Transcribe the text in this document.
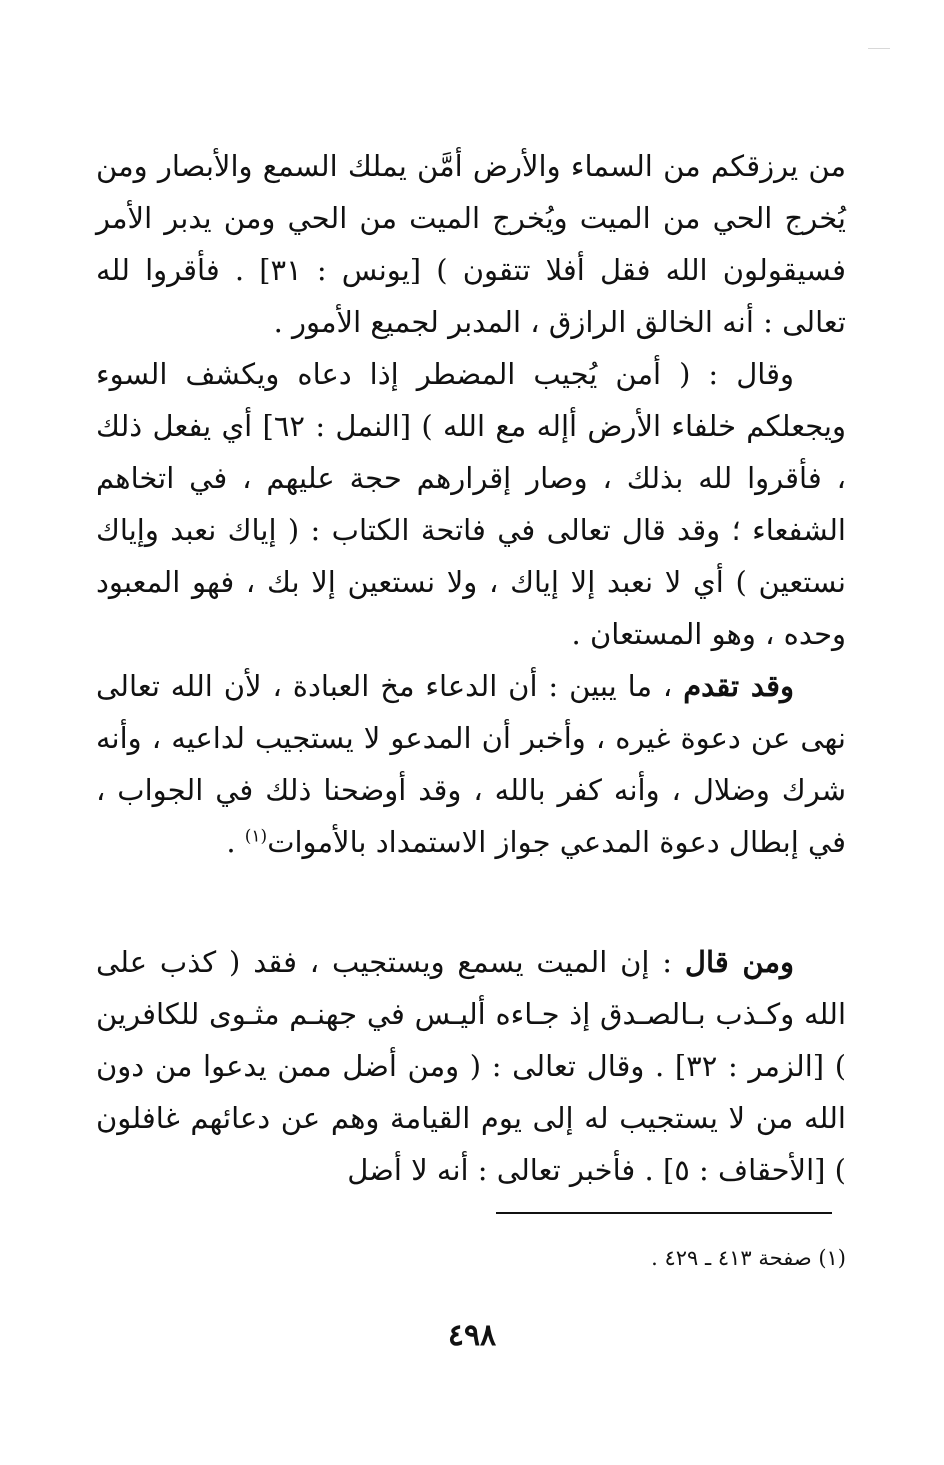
من يرزقكم من السماء والأرض أمَّن يملك السمع والأبصار ومن يُخرج الحي من الميت ويُخرج الميت من الحي ومن يدبر الأمر فسيقولون الله فقل أفلا تتقون ) [يونس : ٣١] . فأقروا لله تعالى : أنه الخالق الرازق ، المدبر لجميع الأمور .

وقال : ( أمن يُجيب المضطر إذا دعاه ويكشف السوء ويجعلكم خلفاء الأرض أإله مع الله ) [النمل : ٦٢] أي يفعل ذلك ، فأقروا لله بذلك ، وصار إقرارهم حجة عليهم ، في اتخاهم الشفعاء ؛ وقد قال تعالى في فاتحة الكتاب : ( إياك نعبد وإياك نستعين ) أي لا نعبد إلا إياك ، ولا نستعين إلا بك ، فهو المعبود وحده ، وهو المستعان .

وقد تقدم ، ما يبين : أن الدعاء مخ العبادة ، لأن الله تعالى نهى عن دعوة غيره ، وأخبر أن المدعو لا يستجيب لداعيه ، وأنه شرك وضلال ، وأنه كفر بالله ، وقد أوضحنا ذلك في الجواب ، في إبطال دعوة المدعي جواز الاستمداد بالأموات$^{(١)}$ .

ومن قال : إن الميت يسمع ويستجيب ، فقد ( كذب على الله وكـذب بـالصـدق إذ جـاءه أليـس في جهنـم مثـوى للكافرين ) [الزمر : ٣٢] . وقال تعالى : ( ومن أضل ممن يدعوا من دون الله من لا يستجيب له إلى يوم القيامة وهم عن دعائهم غافلون ) [الأحقاف : ٥] . فأخبر تعالى : أنه لا أضل

(١) صفحة ٤١٣ ـ ٤٢٩ .
٤٩٨
